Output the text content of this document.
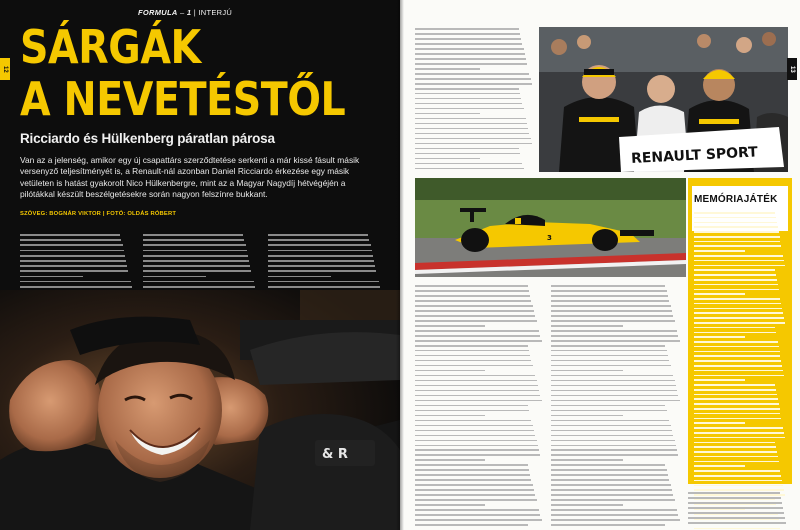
FORMULA – 1 | INTERJÚ
12 SÁRGÁK
A NEVETÉSTŐL
Ricciardo és Hülkenberg páratlan párosa
Van az a jelenség, amikor egy új csapattárs szerződtetése serkenti a már kissé fásult másik versenyző teljesítményét is, a Renault-nál azonban Daniel Ricciardo érkezése egy másik vetületen is hatást gyakorolt Nico Hülkenbergre, mint az a Magyar Nagydíj hétvégéjén a pilótákkal készült beszélgetésekre során nagyon felszínre bukkant.
SZÖVEG: BOGNÁR VIKTOR | FOTÓ: OLDÁS RÓBERT
& R
RENAULT SPORT
3
MEMÓRIAJÁTÉK
13
